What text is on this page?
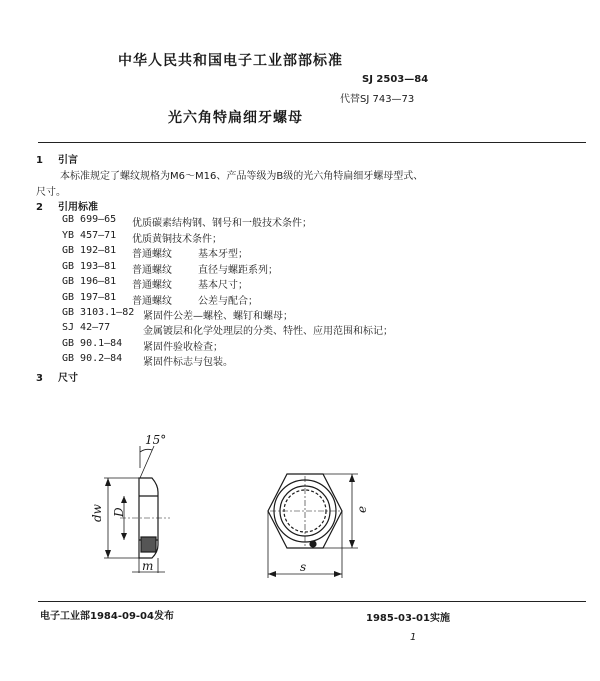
中华人民共和国电子工业部部标准
SJ 2503—84
代替SJ 743—73
光六角特扁细牙螺母
1 引言
本标准规定了螺纹规格为M6～M16、产品等级为B级的光六角特扁细牙螺母型式、
尺寸。
2 引用标准
GB 699—65 优质碳素结构钢、钢号和一般技术条件；
YB 457—71 优质黄铜技术条件；
GB 192—81 普通螺纹	基本牙型；
GB 193—81 普通螺纹	直径与螺距系列；
GB 196—81 普通螺纹	基本尺寸；
GB 197—81 普通螺纹	公差与配合；
GB 3103.1—82 紧固件公差—螺栓、螺钉和螺母；
SJ 42—77	金属镀层和化学处理层的分类、特性、应用范围和标记；
GB 90.1—84 紧固件验收检查；
GB 90.2—84 紧固件标志与包装。
3 尺寸
15°
dw D
m
e
s
电子工业部1984-09-04发布	1985-03-01实施
1
